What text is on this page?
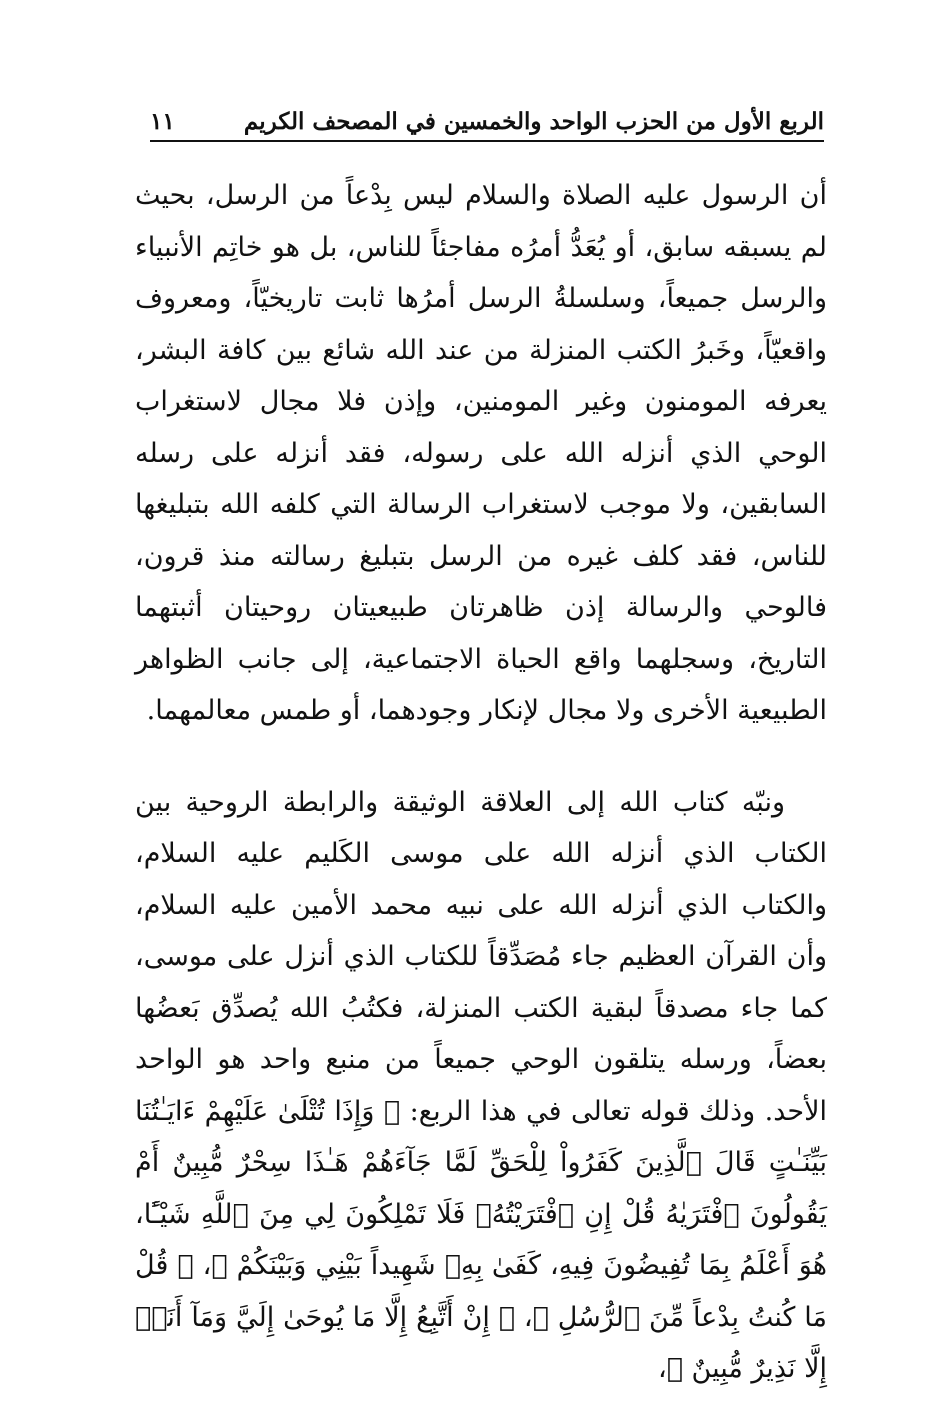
الربع الأول من الحزب الواحد والخمسين في المصحف الكريم
١١

أن الرسول عليه الصلاة والسلام ليس بِدْعاً من الرسل، بحيث لم يسبقه سابق، أو يُعَدُّ أمرُه مفاجئاً للناس، بل هو خاتِم الأنبياء والرسل جميعاً، وسلسلةُ الرسل أمرُها ثابت تاريخيّاً، ومعروف واقعيّاً، وخَبرُ الكتب المنزلة من عند الله شائع بين كافة البشر، يعرفه المومنون وغير المومنين، وإذن فلا مجال لاستغراب الوحي الذي أنزله الله على رسوله، فقد أنزله على رسله السابقين، ولا موجب لاستغراب الرسالة التي كلفه الله بتبليغها للناس، فقد كلف غيره من الرسل بتبليغ رسالته منذ قرون، فالوحي والرسالة إذن ظاهرتان طبيعيتان روحيتان أثبتهما التاريخ، وسجلهما واقع الحياة الاجتماعية، إلى جانب الظواهر الطبيعية الأخرى ولا مجال لإنكار وجودهما، أو طمس معالمهما.

ونبّه كتاب الله إلى العلاقة الوثيقة والرابطة الروحية بين الكتاب الذي أنزله الله على موسى الكَليم عليه السلام، والكتاب الذي أنزله الله على نبيه محمد الأمين عليه السلام، وأن القرآن العظيم جاء مُصَدِّقاً للكتاب الذي أنزل على موسى، كما جاء مصدقاً لبقية الكتب المنزلة، فكتُبُ الله يُصدِّق بَعضُها بعضاً، ورسله يتلقون الوحي جميعاً من منبع واحد هو الواحد الأحد. وذلك قوله تعالى في هذا الربع: ﴿ وَإِذَا تُتْلَىٰ عَلَيْهِمْ ءَايَـٰتُنَا بَيِّنَـٰتٍ قَالَ ٱلَّذِينَ كَفَرُواْ لِلْحَقِّ لَمَّا جَآءَهُمْ هَـٰذَا سِحْرٌ مُّبِينٌ أَمْ يَقُولُونَ ٱفْتَرَيٰهُ قُلْ إِنِ ٱفْتَرَيْتُهُۥ فَلَا تَمْلِكُونَ لِي مِنَ ٱللَّهِ شَيْـًٔا، هُوَ أَعْلَمُ بِمَا تُفِيضُونَ فِيهِ، كَفَىٰ بِهِۦ شَهِيداً بَيْنِي وَبَيْنَكُمْ ﴾، ﴿ قُلْ مَا كُنتُ بِدْعاً مِّنَ ٱلرُّسُلِ ﴾، ﴿ إِنْ أَتَّبِعُ إِلَّا مَا يُوحَىٰ إِلَيَّ وَمَآ أَنَا۠ إِلَّا نَذِيرٌ مُّبِينٌ ﴾،
